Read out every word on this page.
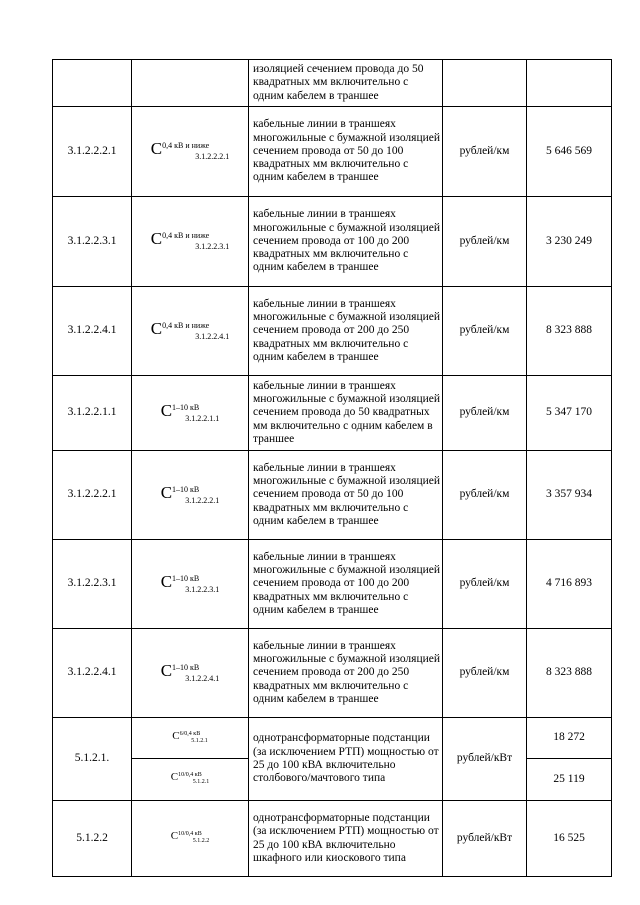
		изоляцией сечением провода до 50 квадратных мм включительно с одним кабелем в траншее		
3.1.2.2.2.1	$C^{0,4 кВ и ниже}_{3.1.2.2.2.1}$	кабельные линии в траншеях многожильные с бумажной изоляцией сечением провода от 50 до 100 квадратных мм включительно с одним кабелем в траншее	рублей/км	5 646 569
3.1.2.2.3.1	$C^{0,4 кВ и ниже}_{3.1.2.2.3.1}$	кабельные линии в траншеях многожильные с бумажной изоляцией сечением провода от 100 до 200 квадратных мм включительно с одним кабелем в траншее	рублей/км	3 230 249
3.1.2.2.4.1	$C^{0,4 кВ и ниже}_{3.1.2.2.4.1}$	кабельные линии в траншеях многожильные с бумажной изоляцией сечением провода от 200 до 250 квадратных мм включительно с одним кабелем в траншее	рублей/км	8 323 888
3.1.2.2.1.1	$C^{1-10 кВ}_{3.1.2.2.1.1}$	кабельные линии в траншеях многожильные с бумажной изоляцией сечением провода до 50 квадратных мм включительно с одним кабелем в траншее	рублей/км	5 347 170
3.1.2.2.2.1	$C^{1-10 кВ}_{3.1.2.2.2.1}$	кабельные линии в траншеях многожильные с бумажной изоляцией сечением провода от 50 до 100 квадратных мм включительно с одним кабелем в траншее	рублей/км	3 357 934
3.1.2.2.3.1	$C^{1-10 кВ}_{3.1.2.2.3.1}$	кабельные линии в траншеях многожильные с бумажной изоляцией сечением провода от 100 до 200 квадратных мм включительно с одним кабелем в траншее	рублей/км	4 716 893
3.1.2.2.4.1	$C^{1-10 кВ}_{3.1.2.2.4.1}$	кабельные линии в траншеях многожильные с бумажной изоляцией сечением провода от 200 до 250 квадратных мм включительно с одним кабелем в траншее	рублей/км	8 323 888
5.1.2.1.	$C^{6/0,4 кВ}_{5.1.2.1}$	однотрансформаторные подстанции (за исключением РТП) мощностью от 25 до 100 кВА включительно столбового/мачтового типа	рублей/кВт	18 272
	$C^{10/0,4 кВ}_{5.1.2.1}$			25 119
5.1.2.2	$C^{10/0,4 кВ}_{5.1.2.2}$	однотрансформаторные подстанции (за исключением РТП) мощностью от 25 до 100 кВА включительно шкафного или киоскового типа	рублей/кВт	16 525
